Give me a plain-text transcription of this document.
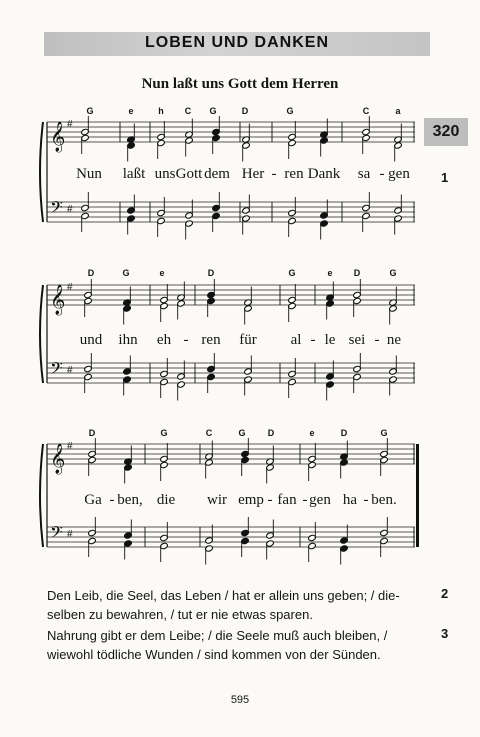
LOBEN UND DANKEN
Nun laßt uns Gott dem Herren
320
1
𝄞
𝄢
#
#
𝄞
𝄢
#
#
𝄞
𝄢
#
#
G	e	h C G	D	G	C	a
Nun laßt uns Gott dem Her - ren Dank sa - gen
D	G	e	D	G	e D	G
und ihn eh - ren für al - le sei - ne
D	G	C	G D	e	D	G
Ga - ben, die wir emp - fan - gen ha - ben.
Den Leib, die Seel, das Leben / hat er allein uns geben; / die-
selben zu bewahren, / tut er nie etwas sparen.
2
Nahrung gibt er dem Leibe; / die Seele muß auch bleiben, /
wiewohl tödliche Wunden / sind kommen von der Sünden.
3
595
